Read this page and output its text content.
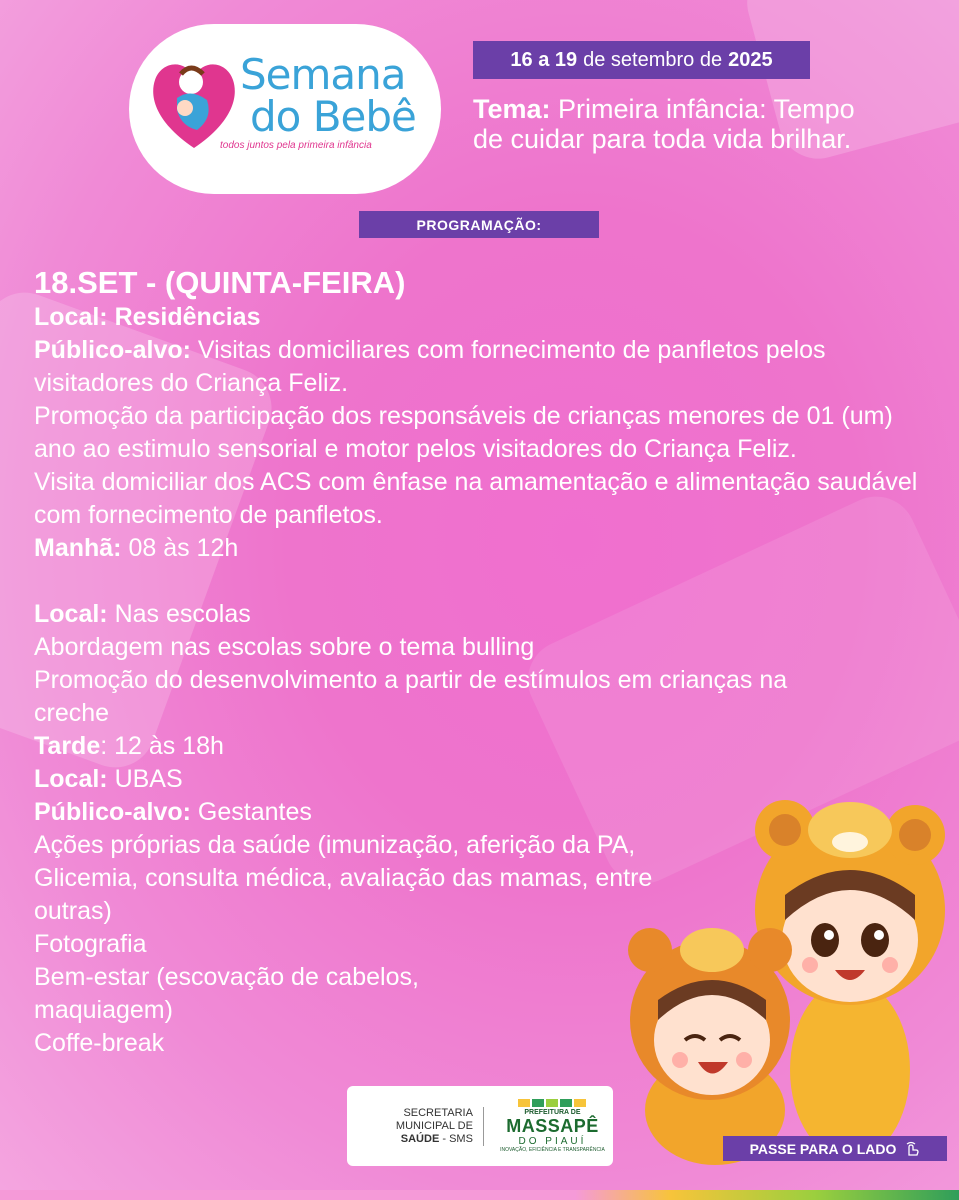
Semana
do Bebê
todos juntos pela primeira infância
16 a 19 de setembro de 2025
Tema: Primeira infância: Tempo de cuidar para toda vida brilhar.
PROGRAMAÇÃO:
18.SET - (QUINTA-FEIRA)
Local: Residências
Público-alvo: Visitas domiciliares com fornecimento de panfletos pelos visitadores do Criança Feliz.
Promoção da participação dos responsáveis de crianças menores de 01 (um) ano ao estimulo sensorial e motor pelos visitadores do Criança Feliz.
Visita domiciliar dos ACS com ênfase na amamentação e alimentação saudável com fornecimento de panfletos.
Manhã: 08 às 12h
Local: Nas escolas
Abordagem nas escolas sobre o tema bulling
Promoção do desenvolvimento a partir de estímulos em crianças na creche
Tarde: 12 às 18h
Local: UBAS
Público-alvo: Gestantes
Ações próprias da saúde (imunização, aferição da PA, Glicemia, consulta médica, avaliação das mamas, entre outras)
Fotografia
Bem-estar (escovação de cabelos, maquiagem)
Coffe-break
SECRETARIA
MUNICIPAL DE
SAÚDE - SMS
PREFEITURA DE
MASSAPÊ
DO PIAUÍ
INOVAÇÃO, EFICIÊNCIA E TRANSPARÊNCIA	PASSE PARA O LADO
